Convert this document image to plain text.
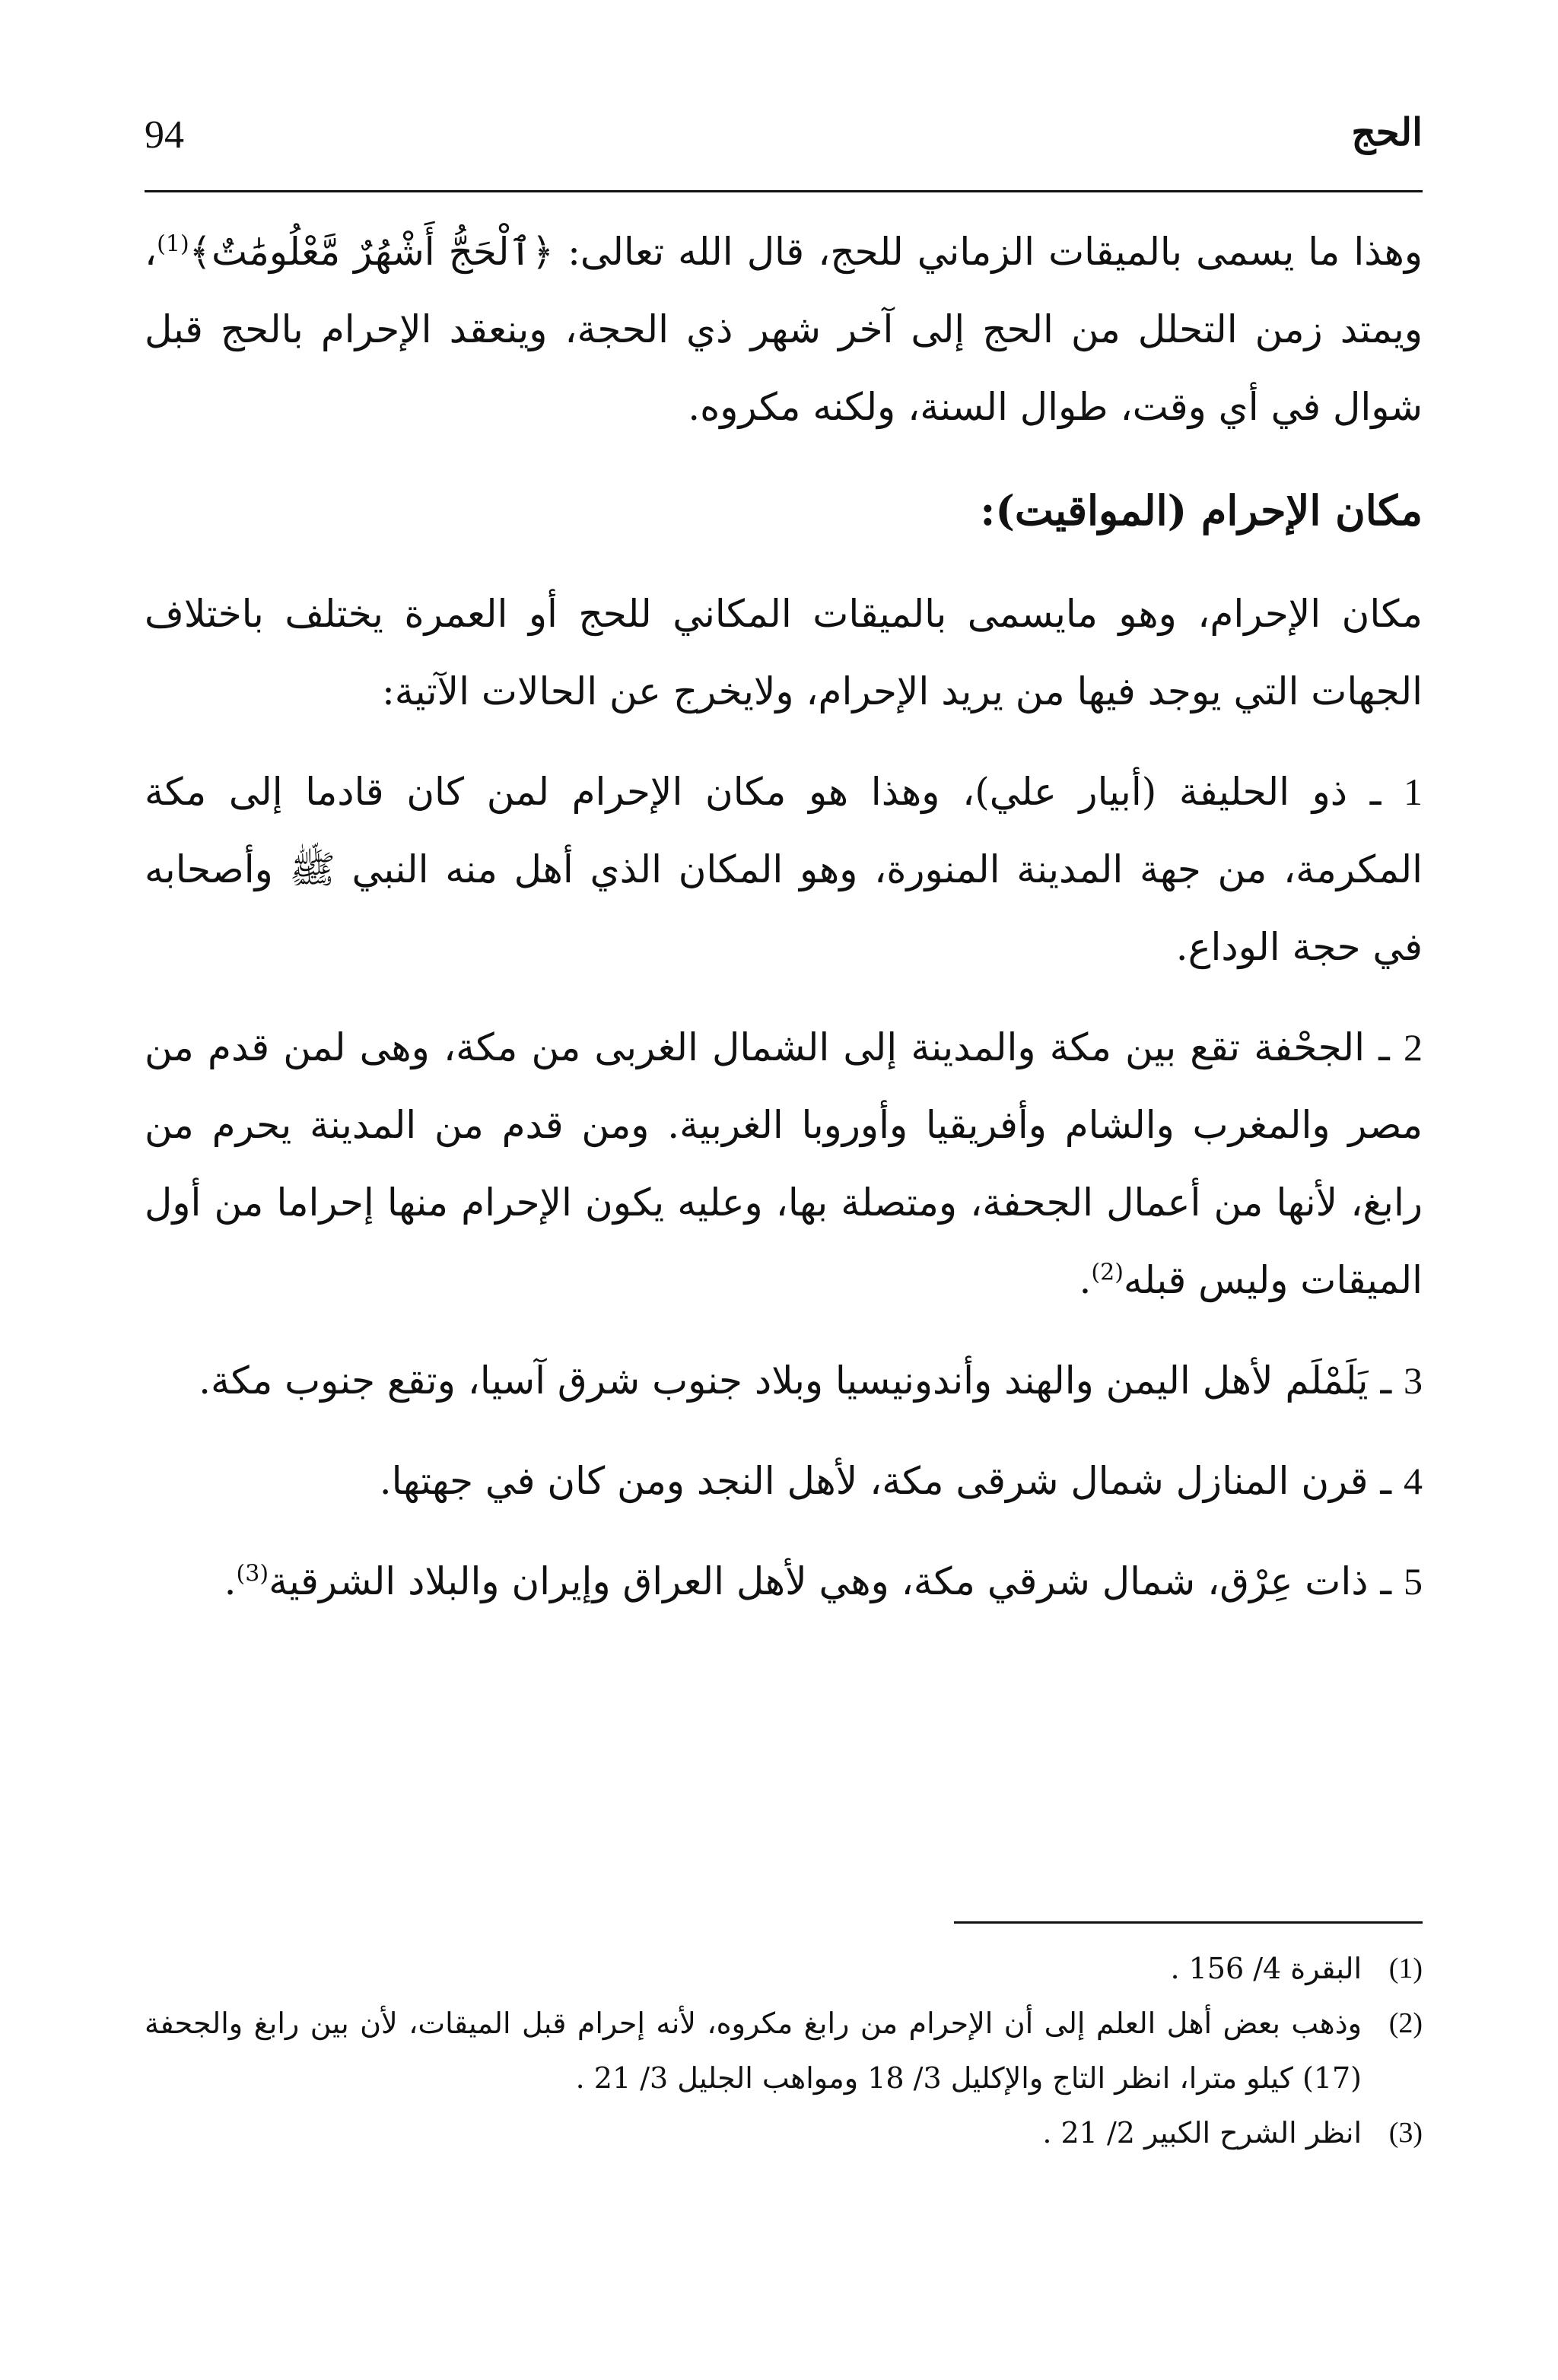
94	الحج

وهذا ما يسمى بالميقات الزماني للحج، قال الله تعالى: ﴿ٱلْحَجُّ أَشْهُرٌ مَّعْلُومَٰتٌ﴾$^{(1)}$، ويمتد زمن التحلل من الحج إلى آخر شهر ذي الحجة، وينعقد الإحرام بالحج قبل شوال في أي وقت، طوال السنة، ولكنه مكروه.

مكان الإحرام (المواقيت):

مكان الإحرام، وهو مايسمى بالميقات المكاني للحج أو العمرة يختلف باختلاف الجهات التي يوجد فيها من يريد الإحرام، ولايخرج عن الحالات الآتية:

1 ـ ذو الحليفة (أبيار علي)، وهذا هو مكان الإحرام لمن كان قادما إلى مكة المكرمة، من جهة المدينة المنورة، وهو المكان الذي أهل منه النبي ﷺ وأصحابه في حجة الوداع.

2 ـ الجحْفة تقع بين مكة والمدينة إلى الشمال الغربى من مكة، وهى لمن قدم من مصر والمغرب والشام وأفريقيا وأوروبا الغربية. ومن قدم من المدينة يحرم من رابغ، لأنها من أعمال الجحفة، ومتصلة بها، وعليه يكون الإحرام منها إحراما من أول الميقات وليس قبله$^{(2)}$.

3 ـ يَلَمْلَم لأهل اليمن والهند وأندونيسيا وبلاد جنوب شرق آسيا، وتقع جنوب مكة.

4 ـ قرن المنازل شمال شرقى مكة، لأهل النجد ومن كان في جهتها.

5 ـ ذات عِرْق، شمال شرقي مكة، وهي لأهل العراق وإيران والبلاد الشرقية$^{(3)}$.

(1)
البقرة 4/ 156 .
(2)
وذهب بعض أهل العلم إلى أن الإحرام من رابغ مكروه، لأنه إحرام قبل الميقات، لأن بين رابغ والجحفة (17) كيلو مترا، انظر التاج والإكليل 3/ 18 ومواهب الجليل 3/ 21 .
(3)
انظر الشرح الكبير 2/ 21 .
